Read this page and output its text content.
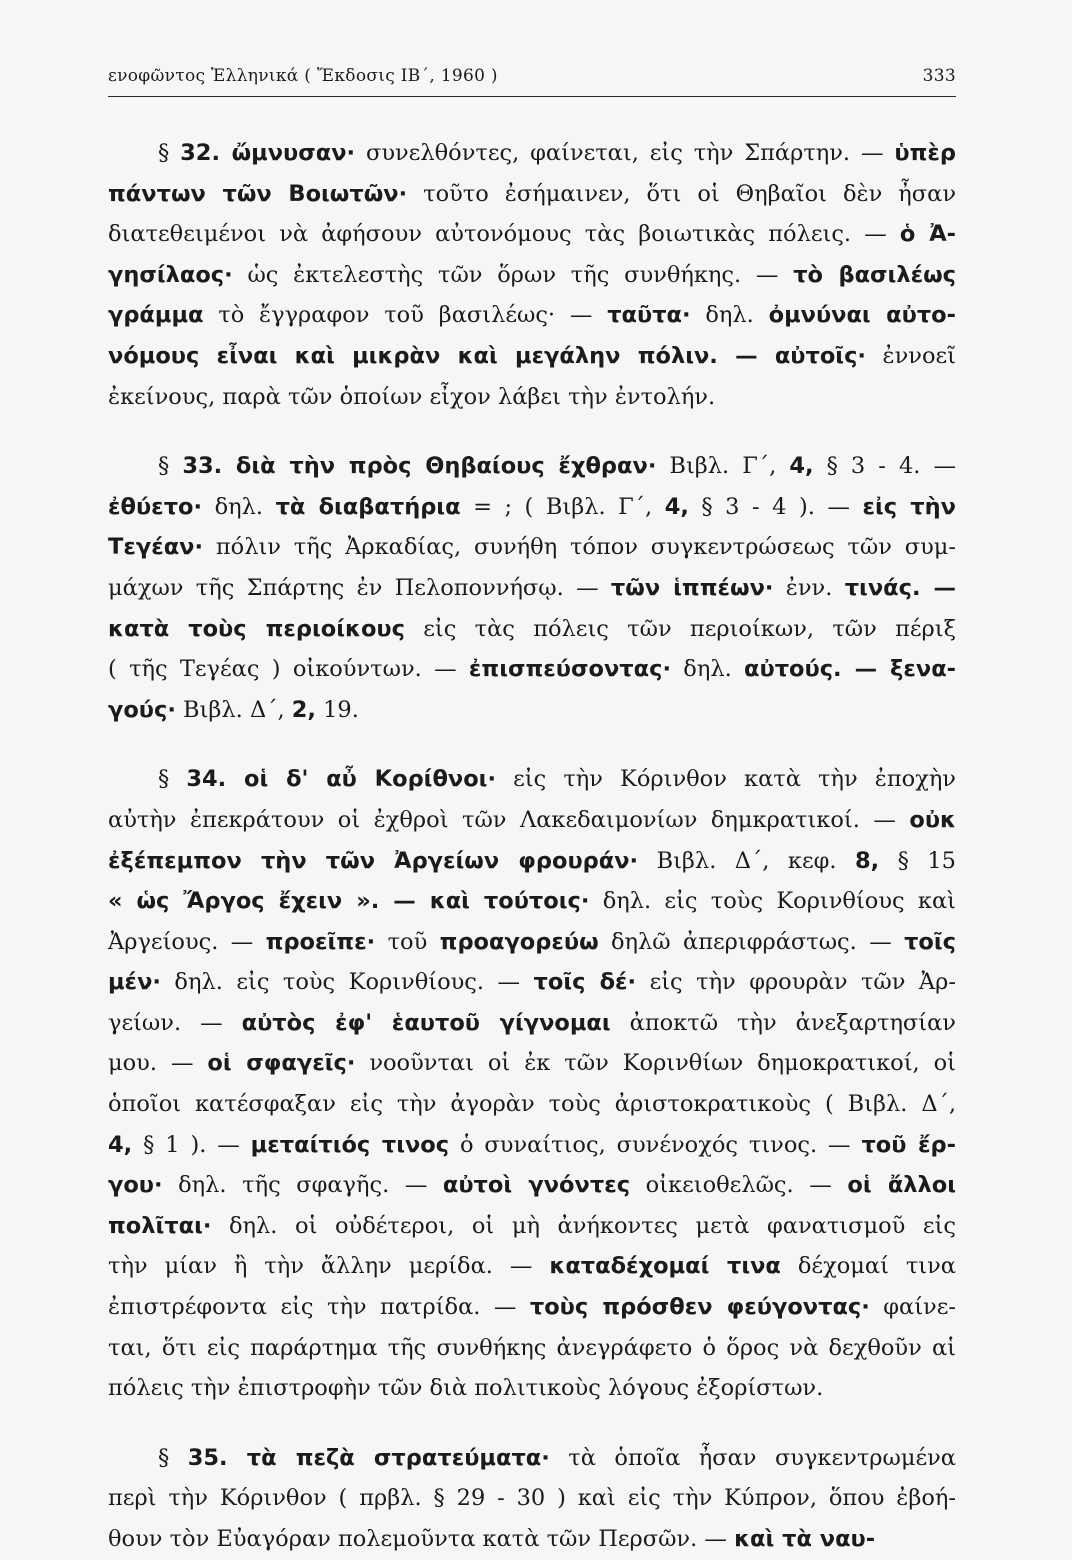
ενοφῶντος Ἑλληνικά ( Ἔκδοσις ΙΒ΄, 1960 )	333
§ 32. ὤμνυσαν· συνελθόντες, φαίνεται, εἰς τὴν Σπάρτην. — ὑπὲρ
πάντων τῶν Βοιωτῶν· τοῦτο ἐσήμαινεν, ὅτι οἱ Θηβαῖοι δὲν ἦσαν
διατεθειμένοι νὰ ἀφήσουν αὐτονόμους τὰς βοιωτικὰς πόλεις. — ὁ Ἀ-
γησίλαος· ὡς ἐκτελεστὴς τῶν ὅρων τῆς συνθήκης. — τὸ βασιλέως
γράμμα τὸ ἔγγραφον τοῦ βασιλέως· — ταῦτα· δηλ. ὀμνύναι αὐτο-
νόμους εἶναι καὶ μικρὰν καὶ μεγάλην πόλιν. — αὐτοῖς· ἐννοεῖ
ἐκείνους, παρὰ τῶν ὁποίων εἶχον λάβει τὴν ἐντολήν.
§ 33. διὰ τὴν πρὸς Θηβαίους ἔχθραν· Βιβλ. Γ΄, 4, § 3 - 4. —
ἐθύετο· δηλ. τὰ διαβατήρια = ; ( Βιβλ. Γ΄, 4, § 3 - 4 ). — εἰς τὴν
Τεγέαν· πόλιν τῆς Ἀρκαδίας, συνήθη τόπον συγκεντρώσεως τῶν συμ-
μάχων τῆς Σπάρτης ἐν Πελοποννήσῳ. — τῶν ἱππέων· ἐνν. τινάς. —
κατὰ τοὺς περιοίκους εἰς τὰς πόλεις τῶν περιοίκων, τῶν πέριξ
( τῆς Τεγέας ) οἰκούντων. — ἐπισπεύσοντας· δηλ. αὐτούς. — ξενα-
γούς· Βιβλ. Δ΄, 2, 19.
§ 34. οἱ δ' αὖ Κορίθνοι· εἰς τὴν Κόρινθον κατὰ τὴν ἐποχὴν
αὐτὴν ἐπεκράτουν οἱ ἐχθροὶ τῶν Λακεδαιμονίων δημκρατικοί. — οὐκ
ἐξέπεμπον τὴν τῶν Ἀργείων φρουράν· Βιβλ. Δ΄, κεφ. 8, § 15
« ὡς Ἄργος ἔχειν ». — καὶ τούτοις· δηλ. εἰς τοὺς Κορινθίους καὶ
Ἀργείους. — προεῖπε· τοῦ προαγορεύω δηλῶ ἀπεριφράστως. — τοῖς
μέν· δηλ. εἰς τοὺς Κορινθίους. — τοῖς δέ· εἰς τὴν φρουρὰν τῶν Ἀρ-
γείων. — αὐτὸς ἐφ' ἑαυτοῦ γίγνομαι ἀποκτῶ τὴν ἀνεξαρτησίαν
μου. — οἱ σφαγεῖς· νοοῦνται οἱ ἐκ τῶν Κορινθίων δημοκρατικοί, οἱ
ὁποῖοι κατέσφαξαν εἰς τὴν ἀγορὰν τοὺς ἀριστοκρατικοὺς ( Βιβλ. Δ΄,
4, § 1 ). — μεταίτιός τινος ὁ συναίτιος, συνένοχός τινος. — τοῦ ἔρ-
γου· δηλ. τῆς σφαγῆς. — αὐτοὶ γνόντες οἰκειοθελῶς. — οἱ ἄλλοι
πολῖται· δηλ. οἱ οὐδέτεροι, οἱ μὴ ἀνήκοντες μετὰ φανατισμοῦ εἰς
τὴν μίαν ἢ τὴν ἄλλην μερίδα. — καταδέχομαί τινα δέχομαί τινα
ἐπιστρέφοντα εἰς τὴν πατρίδα. — τοὺς πρόσθεν φεύγοντας· φαίνε-
ται, ὅτι εἰς παράρτημα τῆς συνθήκης ἀνεγράφετο ὁ ὅρος νὰ δεχθοῦν αἱ
πόλεις τὴν ἐπιστροφὴν τῶν διὰ πολιτικοὺς λόγους ἐξορίστων.
§ 35. τὰ πεζὰ στρατεύματα· τὰ ὁποῖα ἦσαν συγκεντρωμένα
περὶ τὴν Κόρινθον ( πρβλ. § 29 - 30 ) καὶ εἰς τὴν Κύπρον, ὅπου ἐβοή-
θουν τὸν Εὐαγόραν πολεμοῦντα κατὰ τῶν Περσῶν. — καὶ τὰ ναυ-
